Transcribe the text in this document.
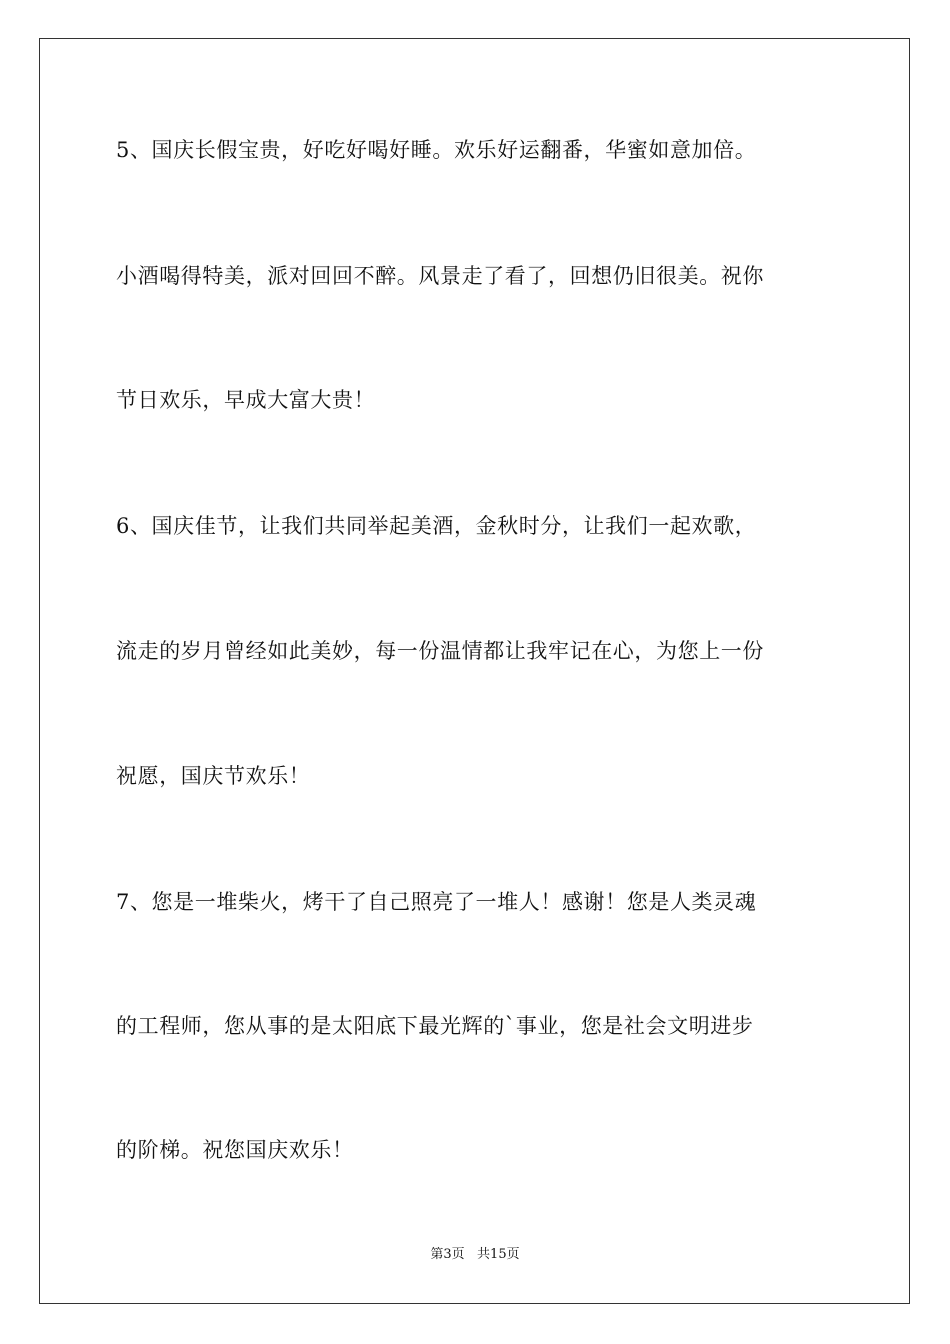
5、国庆长假宝贵，好吃好喝好睡。欢乐好运翻番，华蜜如意加倍。

小酒喝得特美，派对回回不醉。风景走了看了，回想仍旧很美。祝你

节日欢乐，早成大富大贵！

6、国庆佳节，让我们共同举起美酒，金秋时分，让我们一起欢歌，

流走的岁月曾经如此美妙，每一份温情都让我牢记在心，为您上一份

祝愿，国庆节欢乐！

7、您是一堆柴火，烤干了自己照亮了一堆人！感谢！您是人类灵魂

的工程师，您从事的是太阳底下最光辉的`事业，您是社会文明进步

的阶梯。祝您国庆欢乐！

第3页   共15页
